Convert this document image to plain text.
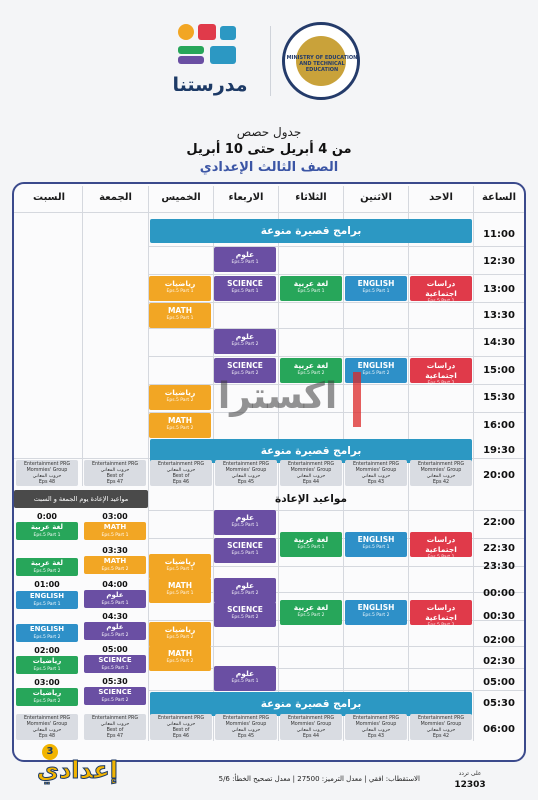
مدرستنا
MINISTRY OF EDUCATION AND TECHNICAL EDUCATION
جدول حصص
من 4 أبريل حتى 10 أبريل
الصف الثالث الإعدادي
الساعة
الاحد
الاثنين
الثلاثاء
الاربعاء
الخميس
الجمعة
السبت
11:00
12:30
13:00
13:30
14:30
15:00
15:30
16:00
19:30
20:00
22:00
22:30
23:30
00:00
00:30
02:00
02:30
05:00
05:30
06:00
برامج قصيرة منوعة
برامج قصيرة منوعة
برامج قصيرة منوعة
علوم
Eps.5 Part 1
SCIENCE
Eps.5 Part 1
لغة عربية
Eps.5 Part 1
ENGLISH
Eps.5 Part 1
دراسات اجتماعية
Eps.5 Part 1
رياضيات
Eps.5 Part 1
MATH
Eps.5 Part 1
علوم
Eps.5 Part 2
SCIENCE
Eps.5 Part 2
لغة عربية
Eps.5 Part 2
ENGLISH
Eps.5 Part 2
دراسات اجتماعية
Eps.5 Part 2
رياضيات
Eps.5 Part 2
MATH
Eps.5 Part 2
Entertainment PRG
Mommies' Group
حروب المعاني
Eps 48
Entertainment PRG
حروب المعاني
Best of
Eps 47
Entertainment PRG
حروب المعاني
Best of
Eps 46
Entertainment PRG
Mommies' Group
حروب المعاني
Eps 45
Entertainment PRG
Mommies' Group
حروب المعاني
Eps 44
Entertainment PRG
Mommies' Group
حروب المعاني
Eps 43
Entertainment PRG
Mommies' Group
حروب المعاني
Eps 42
مواعيد الإعادة
علوم
Eps.5 Part 1
SCIENCE
Eps.5 Part 1
لغة عربية
Eps.5 Part 1
ENGLISH
Eps.5 Part 1
دراسات اجتماعية
Eps.5 Part 1
رياضيات
Eps.5 Part 1
MATH
Eps.5 Part 1
علوم
Eps.5 Part 2
SCIENCE
Eps.5 Part 2
لغة عربية
Eps.5 Part 2
ENGLISH
Eps.5 Part 2
دراسات اجتماعية
Eps.5 Part 2
رياضيات
Eps.5 Part 2
MATH
Eps.5 Part 2
علوم
Eps.5 Part 1
Entertainment PRG
Mommies' Group
حروب المعاني
Eps 48
Entertainment PRG
حروب المعاني
Best of
Eps 47
Entertainment PRG
حروب المعاني
Best of
Eps 46
Entertainment PRG
Mommies' Group
حروب المعاني
Eps 45
Entertainment PRG
Mommies' Group
حروب المعاني
Eps 44
Entertainment PRG
Mommies' Group
حروب المعاني
Eps 43
Entertainment PRG
Mommies' Group
حروب المعاني
Eps 42
مواعيد الإعادة يوم الجمعة و السبت
0:00
لغة عربية
Eps.5 Part 1
لغة عربية
Eps.5 Part 2
01:00
ENGLISH
Eps.5 Part 1
ENGLISH
Eps.5 Part 2
02:00
رياضيات
Eps.5 Part 1
03:00
رياضيات
Eps.5 Part 2
03:00
MATH
Eps.5 Part 1
03:30
MATH
Eps.5 Part 2
04:00
علوم
Eps.5 Part 1
04:30
علوم
Eps.5 Part 2
05:00
SCIENCE
Eps.5 Part 1
05:30
SCIENCE
Eps.5 Part 2
اكسترا
3
إعدادي	الاستقطاب: افقي | معدل الترميز: 27500 | معدل تصحيح الخطأ: 5/6
على تردد
12303
